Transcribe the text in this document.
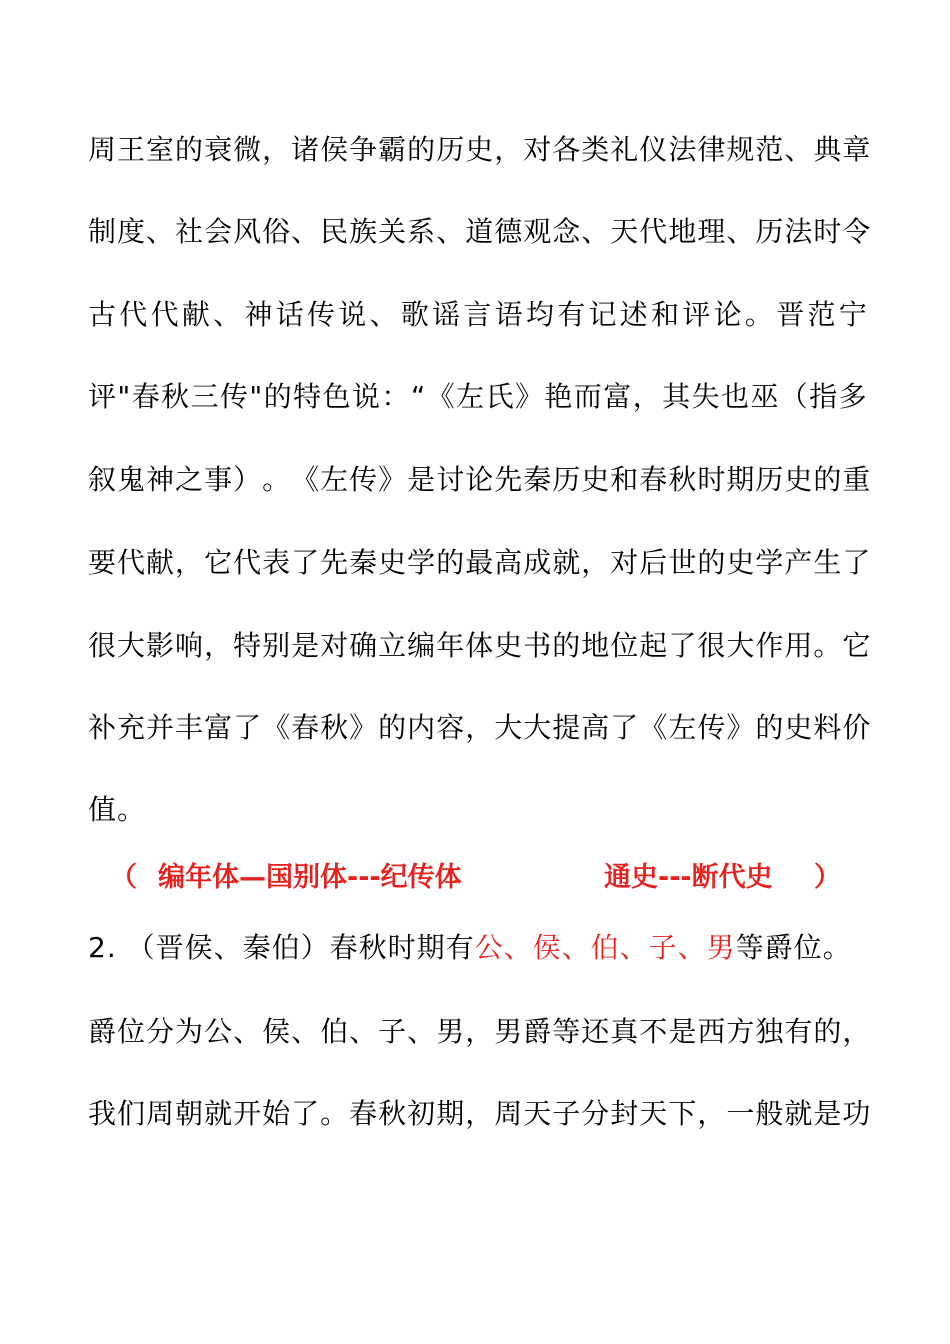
周 王 室 的 衰 微 ， 诸 侯 争 霸 的 历 史 ， 对 各 类 礼 仪 法 律 规 范 、 典 章
制 度 、 社 会 风 俗 、 民 族 关 系 、 道 德 观 念 、 天 代 地 理 、 历 法 时 令
古 代 代 献 、 神 话 传 说 、 歌 谣 言 语 均 有 记 述 和 评 论 。 晋 范 宁
评 " 春 秋 三 传 " 的 特 色 说 ： “ 《 左 氏 》 艳 而 富 ， 其 失 也 巫 （ 指 多
叙 鬼 神 之 事 ） 。 《 左 传 》 是 讨 论 先 秦 历 史 和 春 秋 时 期 历 史 的 重
要 代 献 ， 它 代 表 了 先 秦 史 学 的 最 高 成 就 ， 对 后 世 的 史 学 产 生 了
很 大 影 响 ， 特 别 是 对 确 立 编 年 体 史 书 的 地 位 起 了 很 大 作 用 。 它
补 充 并 丰 富 了 《 春 秋 》 的 内 容 ， 大 大 提 高 了 《 左 传 》 的 史 料 价
值。
（ 编年体—国别体---纪传体	通史---断代史 ）
2. （晋侯、秦伯）春秋时期有公、侯、伯、子、男等爵位。
爵 位 分 为 公 、 侯 、 伯 、 子 、 男 ， 男 爵 等 还 真 不 是 西 方 独 有 的 ，
我 们 周 朝 就 开 始 了 。 春 秋 初 期 ， 周 天 子 分 封 天 下 ， 一 般 就 是 功
